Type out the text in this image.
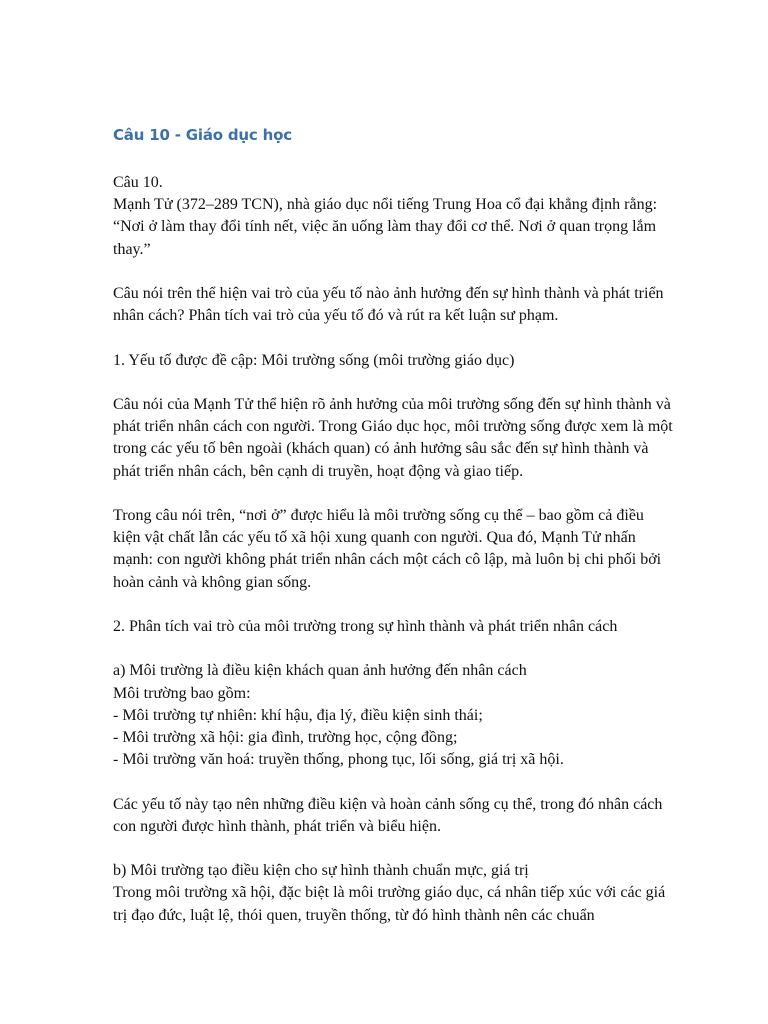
Câu 10 - Giáo dục học

Câu 10.
Mạnh Tử (372–289 TCN), nhà giáo dục nổi tiếng Trung Hoa cổ đại khẳng định rằng: “Nơi ở làm thay đổi tính nết, việc ăn uống làm thay đổi cơ thể. Nơi ở quan trọng lắm thay.”

Câu nói trên thể hiện vai trò của yếu tố nào ảnh hưởng đến sự hình thành và phát triển nhân cách? Phân tích vai trò của yếu tố đó và rút ra kết luận sư phạm.

1. Yếu tố được đề cập: Môi trường sống (môi trường giáo dục)

Câu nói của Mạnh Tử thể hiện rõ ảnh hưởng của môi trường sống đến sự hình thành và phát triển nhân cách con người. Trong Giáo dục học, môi trường sống được xem là một trong các yếu tố bên ngoài (khách quan) có ảnh hưởng sâu sắc đến sự hình thành và phát triển nhân cách, bên cạnh di truyền, hoạt động và giao tiếp.

Trong câu nói trên, “nơi ở” được hiểu là môi trường sống cụ thể – bao gồm cả điều kiện vật chất lẫn các yếu tố xã hội xung quanh con người. Qua đó, Mạnh Tử nhấn mạnh: con người không phát triển nhân cách một cách cô lập, mà luôn bị chi phối bởi hoàn cảnh và không gian sống.

2. Phân tích vai trò của môi trường trong sự hình thành và phát triển nhân cách

a) Môi trường là điều kiện khách quan ảnh hưởng đến nhân cách
Môi trường bao gồm:
- Môi trường tự nhiên: khí hậu, địa lý, điều kiện sinh thái;
- Môi trường xã hội: gia đình, trường học, cộng đồng;
- Môi trường văn hoá: truyền thống, phong tục, lối sống, giá trị xã hội.

Các yếu tố này tạo nên những điều kiện và hoàn cảnh sống cụ thể, trong đó nhân cách con người được hình thành, phát triển và biểu hiện.

b) Môi trường tạo điều kiện cho sự hình thành chuẩn mực, giá trị
Trong môi trường xã hội, đặc biệt là môi trường giáo dục, cá nhân tiếp xúc với các giá trị đạo đức, luật lệ, thói quen, truyền thống, từ đó hình thành nên các chuẩn
